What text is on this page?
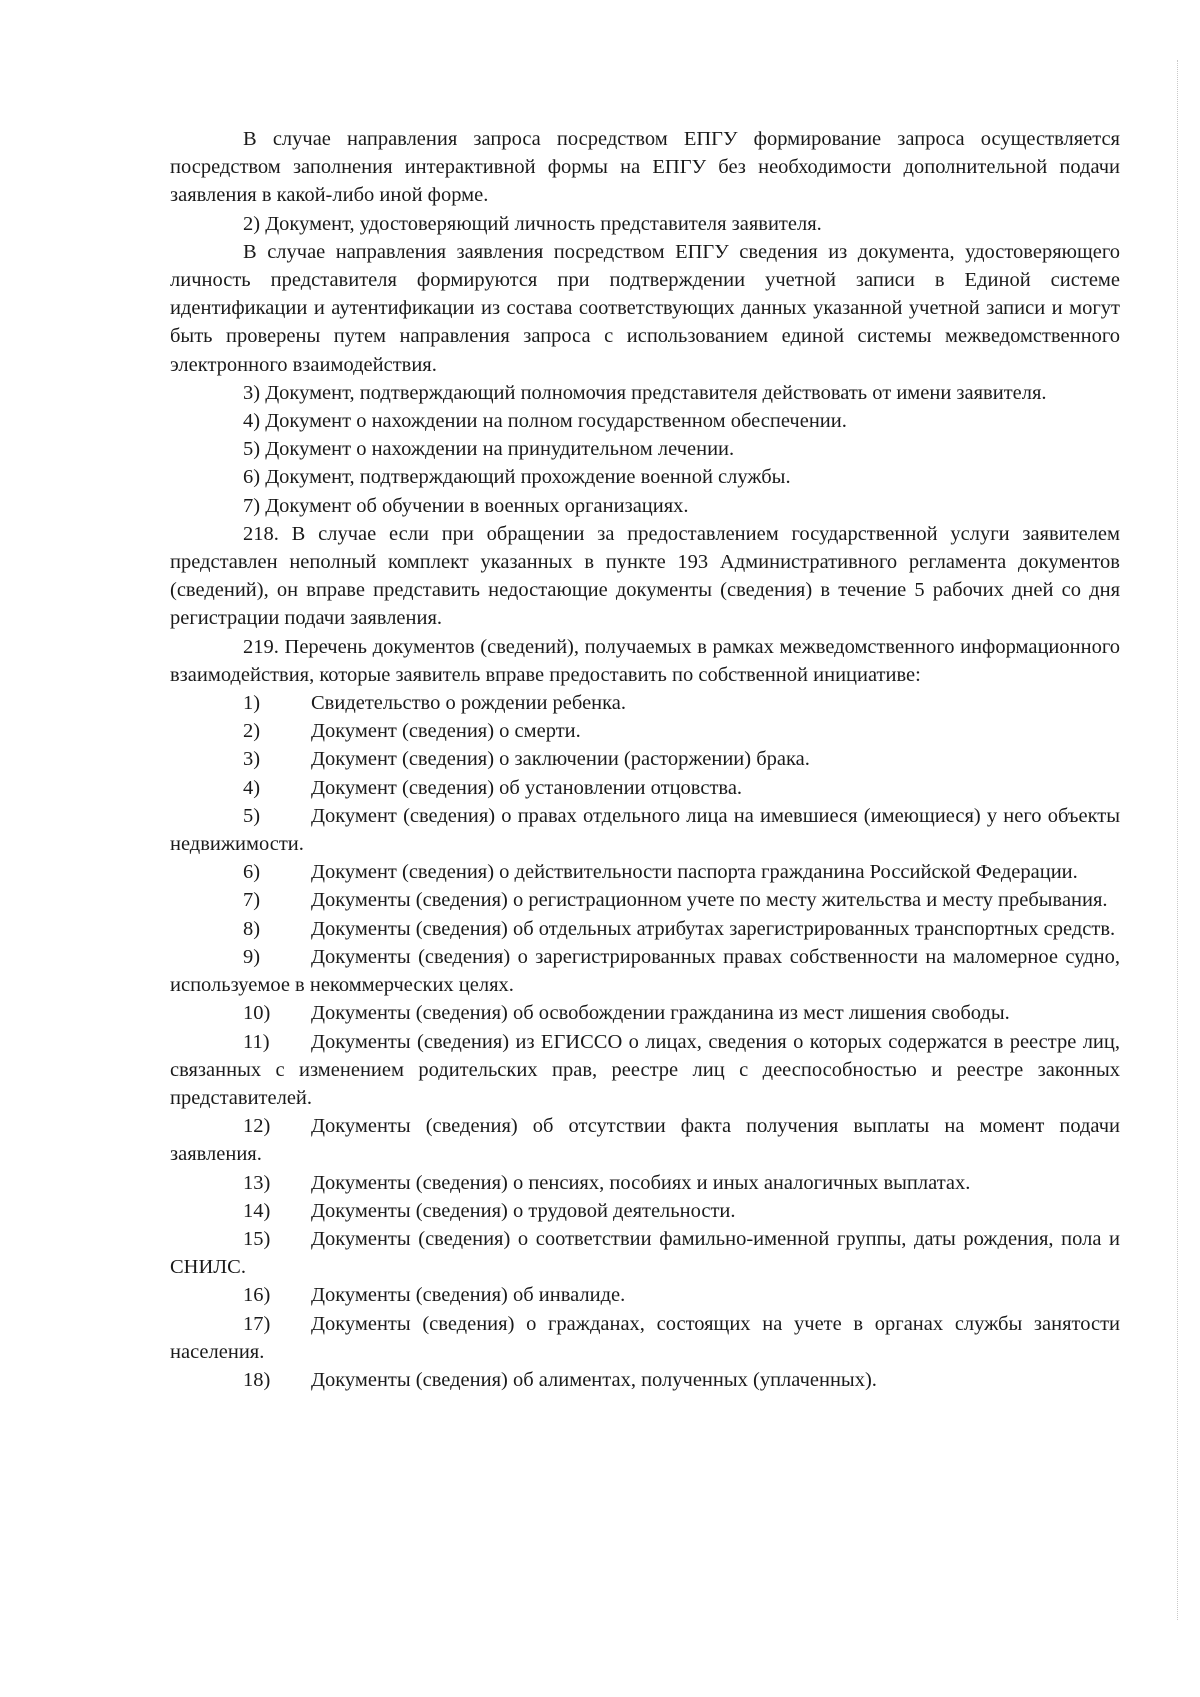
В случае направления запроса посредством ЕПГУ формирование запроса осуществляется посредством заполнения интерактивной формы на ЕПГУ без необходимости дополнительной подачи заявления в какой-либо иной форме.

2) Документ, удостоверяющий личность представителя заявителя.

В случае направления заявления посредством ЕПГУ сведения из документа, удостоверяющего личность представителя формируются при подтверждении учетной записи в Единой системе идентификации и аутентификации из состава соответствующих данных указанной учетной записи и могут быть проверены путем направления запроса с использованием единой системы межведомственного электронного взаимодействия.

3) Документ, подтверждающий полномочия представителя действовать от имени заявителя.

4) Документ о нахождении на полном государственном обеспечении.

5) Документ о нахождении на принудительном лечении.

6) Документ, подтверждающий прохождение военной службы.

7) Документ об обучении в военных организациях.

218. В случае если при обращении за предоставлением государственной услуги заявителем представлен неполный комплект указанных в пункте 193 Административного регламента документов (сведений), он вправе представить недостающие документы (сведения) в течение 5 рабочих дней со дня регистрации подачи заявления.

219. Перечень документов (сведений), получаемых в рамках межведомственного информационного взаимодействия, которые заявитель вправе предоставить по собственной инициативе:

1) Свидетельство о рождении ребенка.

2) Документ (сведения) о смерти.

3) Документ (сведения) о заключении (расторжении) брака.

4) Документ (сведения) об установлении отцовства.

5) Документ (сведения) о правах отдельного лица на имевшиеся (имеющиеся) у него объекты недвижимости.

6) Документ (сведения) о действительности паспорта гражданина Российской Федерации.

7) Документы (сведения) о регистрационном учете по месту жительства и месту пребывания.

8) Документы (сведения) об отдельных атрибутах зарегистрированных транспортных средств.

9) Документы (сведения) о зарегистрированных правах собственности на маломерное судно, используемое в некоммерческих целях.

10) Документы (сведения) об освобождении гражданина из мест лишения свободы.

11) Документы (сведения) из ЕГИССО о лицах, сведения о которых содержатся в реестре лиц, связанных с изменением родительских прав, реестре лиц с дееспособностью и реестре законных представителей.

12) Документы (сведения) об отсутствии факта получения выплаты на момент подачи заявления.

13) Документы (сведения) о пенсиях, пособиях и иных аналогичных выплатах.

14) Документы (сведения) о трудовой деятельности.

15) Документы (сведения) о соответствии фамильно-именной группы, даты рождения, пола и СНИЛС.

16) Документы (сведения) об инвалиде.

17) Документы (сведения) о гражданах, состоящих на учете в органах службы занятости населения.

18) Документы (сведения) об алиментах, полученных (уплаченных).
